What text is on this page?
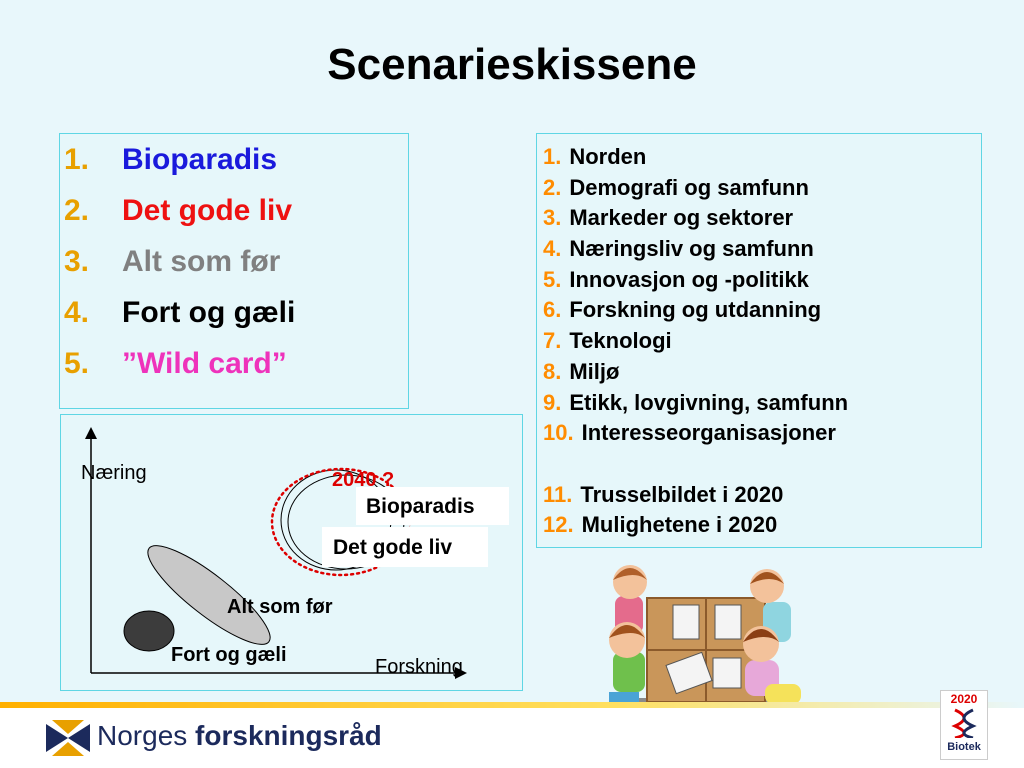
Scenarieskissene
1. Bioparadis
2. Det gode liv
3. Alt som før
4. Fort og gæli
5. ”Wild card”
1. Norden
2. Demografi og samfunn
3. Markeder og sektorer
4. Næringsliv og samfunn
5. Innovasjon og -politikk
6. Forskning og utdanning
7. Teknologi
8. Miljø
9. Etikk, lovgivning, samfunn
10. Interesseorganisasjoner
11. Trusselbildet i 2020
12. Mulighetene i 2020
Næring
Forskning
2040 ?
Bioparadis
Det gode liv
Alt som før
Fort og gæli
Norges forskningsråd
2020
Biotek
